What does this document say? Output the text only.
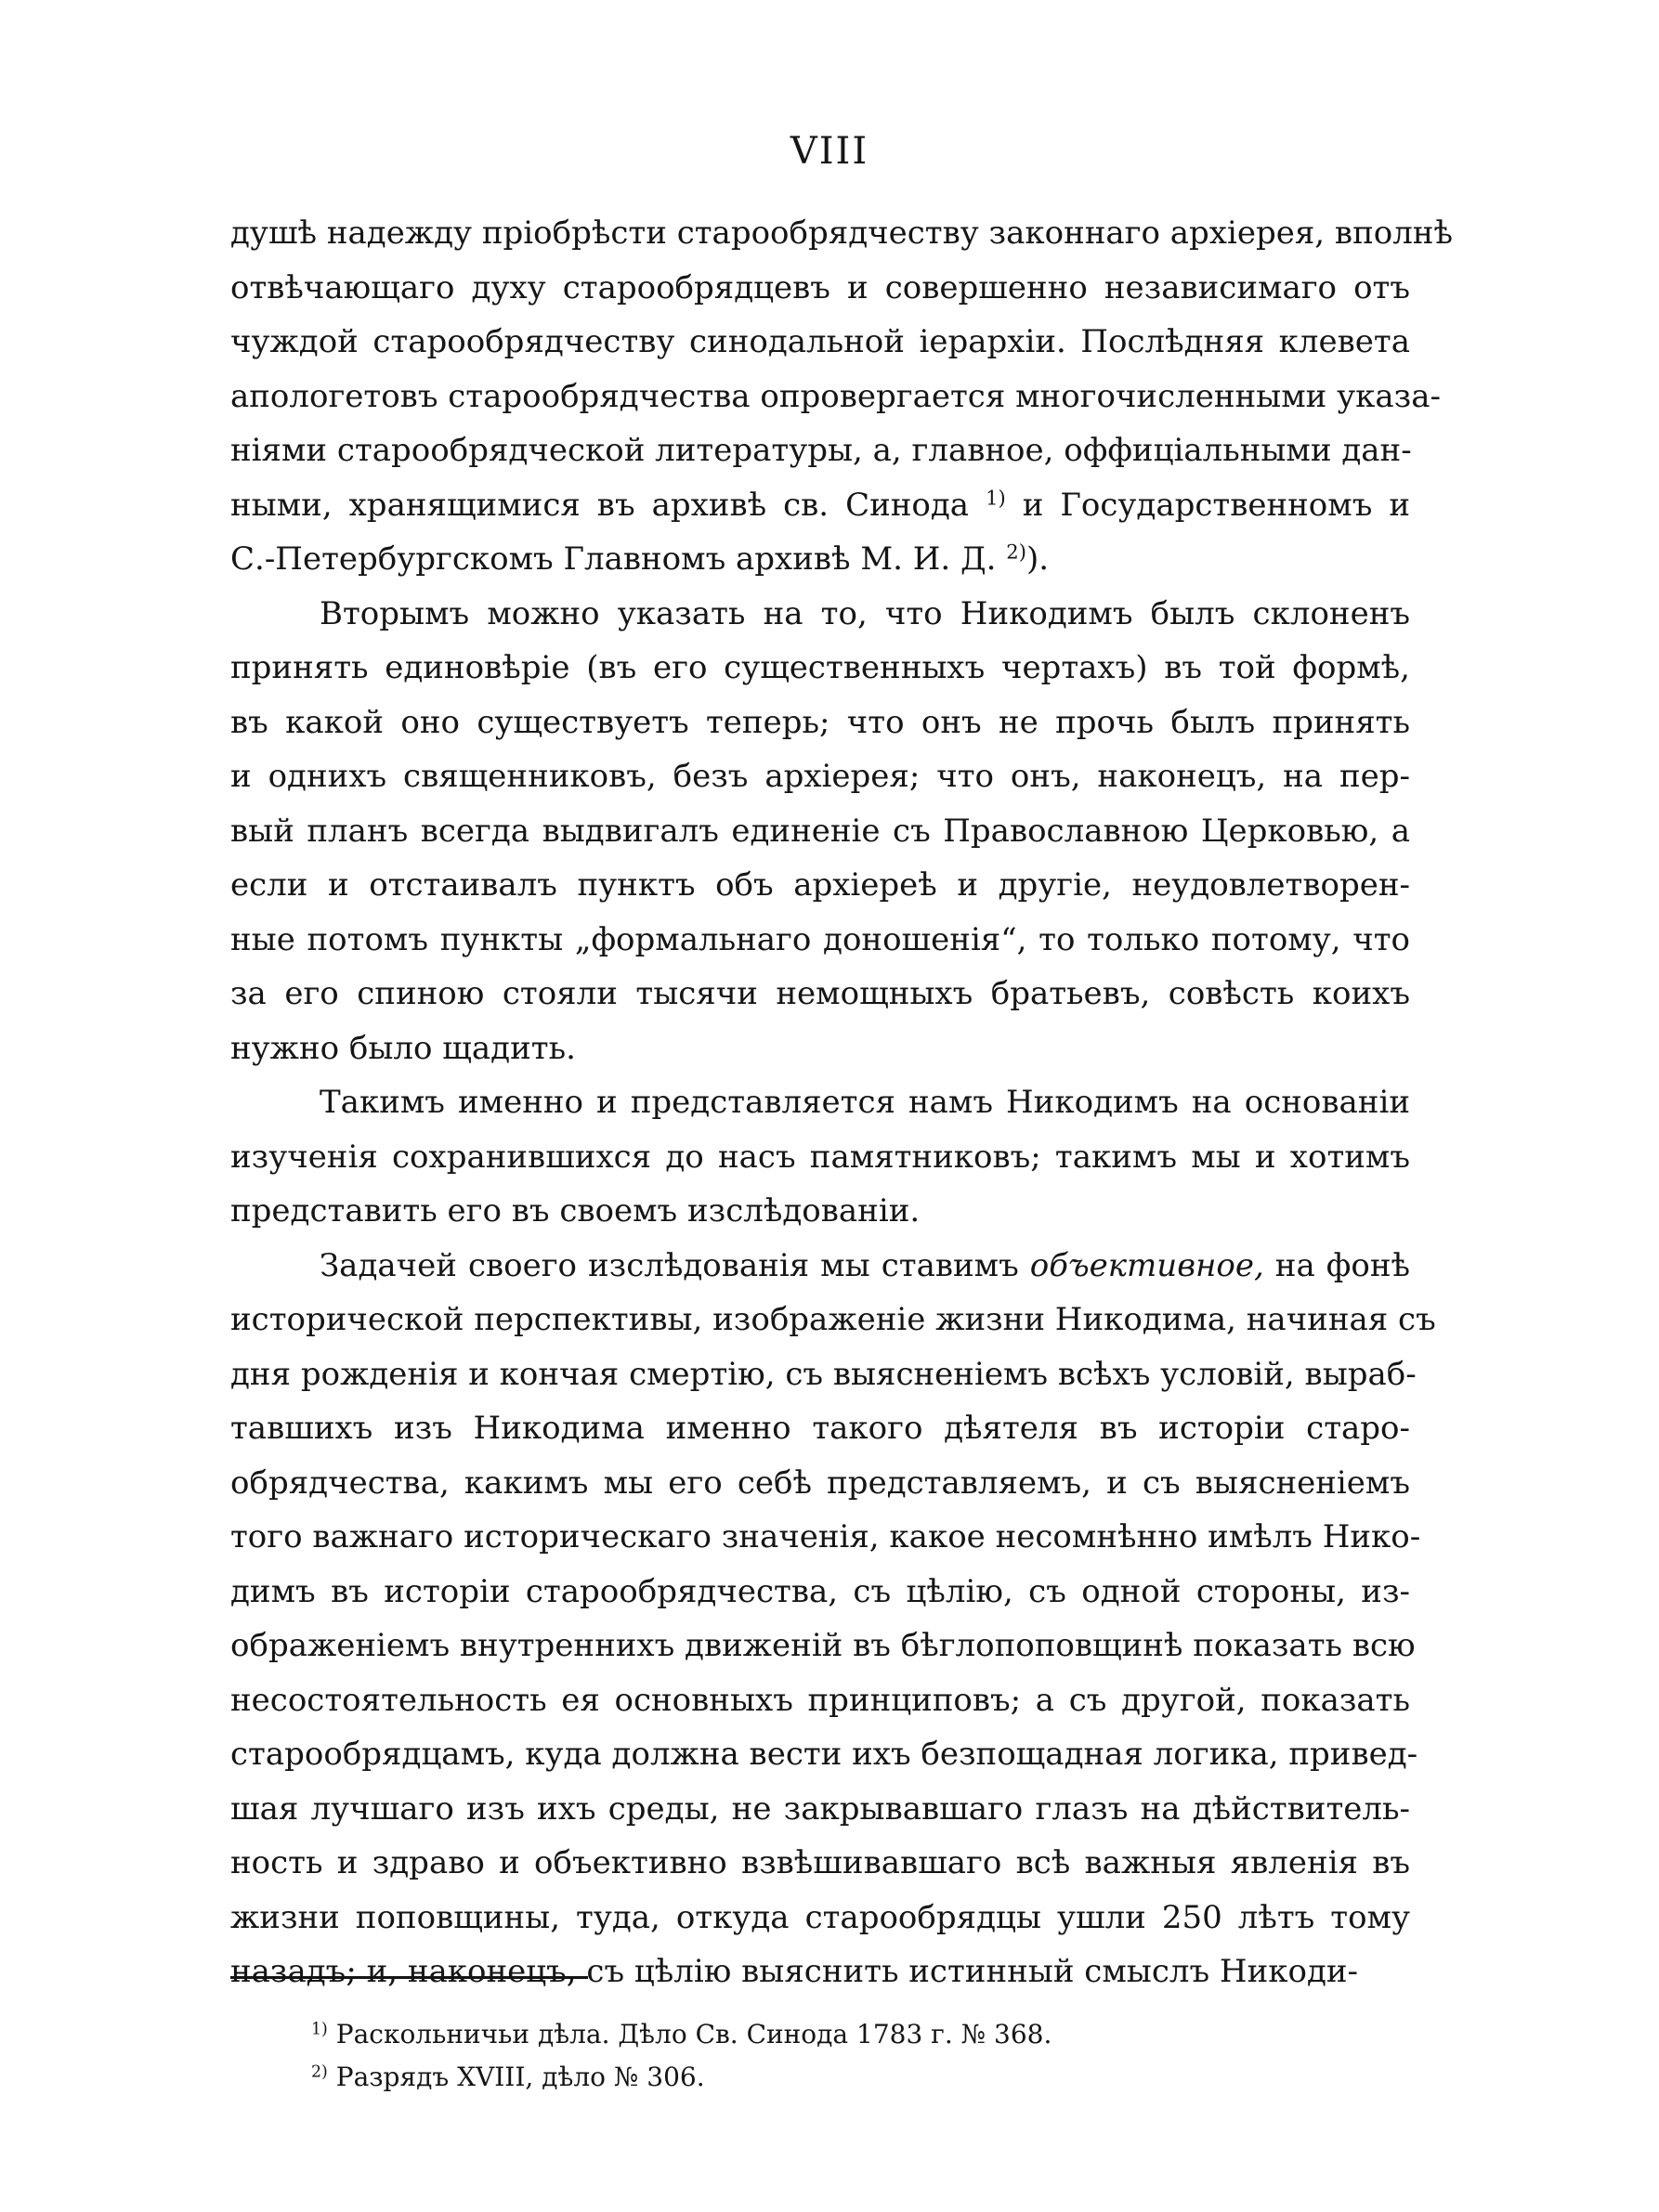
VIII
душѣ надежду пріобрѣсти старообрядчеству законнаго архіерея, вполнѣ
отвѣчающаго духу старообрядцевъ и совершенно независимаго отъ
чуждой старообрядчеству синодальной іерархіи. Послѣдняя клевета
апологетовъ старообрядчества опровергается многочисленными указа-
ніями старообрядческой литературы, а, главное, оффиціальными дан-
ными, хранящимися въ архивѣ св. Синода $^{1)}$ и Государственномъ и
С.-Петербургскомъ Главномъ архивѣ М. И. Д. $^{2)}$).
Вторымъ можно указать на то, что Никодимъ былъ склоненъ
принять единовѣріе (въ его существенныхъ чертахъ) въ той формѣ,
въ какой оно существуетъ теперь; что онъ не прочь былъ принять
и однихъ священниковъ, безъ архіерея; что онъ, наконецъ, на пер-
вый планъ всегда выдвигалъ единеніе съ Православною Церковью, а
если и отстаивалъ пунктъ объ архіереѣ и другіе, неудовлетворен-
ные потомъ пункты „формальнаго доношенія“, то только потому, что
за его спиною стояли тысячи немощныхъ братьевъ, совѣсть коихъ
нужно было щадить.
Такимъ именно и представляется намъ Никодимъ на основаніи
изученія сохранившихся до насъ памятниковъ; такимъ мы и хотимъ
представить его въ своемъ изслѣдованіи.
Задачей своего изслѣдованія мы ставимъ объективное, на фонѣ
исторической перспективы, изображеніе жизни Никодима, начиная съ
дня рожденія и кончая смертію, съ выясненіемъ всѣхъ условій, выраб-
тавшихъ изъ Никодима именно такого дѣятеля въ исторіи старо-
обрядчества, какимъ мы его себѣ представляемъ, и съ выясненіемъ
того важнаго историческаго значенія, какое несомнѣнно имѣлъ Нико-
димъ въ исторіи старообрядчества, съ цѣлію, съ одной стороны, из-
ображеніемъ внутреннихъ движеній въ бѣглопоповщинѣ показать всю
несостоятельность ея основныхъ принциповъ; а съ другой, показать
старообрядцамъ, куда должна вести ихъ безпощадная логика, привед-
шая лучшаго изъ ихъ среды, не закрывавшаго глазъ на дѣйствитель-
ность и здраво и объективно взвѣшивавшаго всѣ важныя явленія въ
жизни поповщины, туда, откуда старообрядцы ушли 250 лѣтъ тому
назадъ; и, наконецъ, съ цѣлію выяснить истинный смыслъ Никоди-
$^{1)}$ Раскольничьи дѣла. Дѣло Св. Синода 1783 г. № 368.
$^{2)}$ Разрядъ XVIII, дѣло № 306.
